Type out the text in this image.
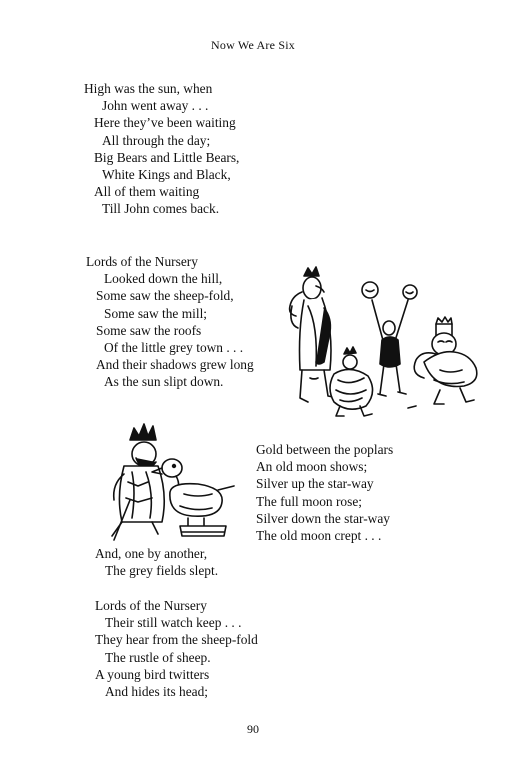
Now We Are Six
High was the sun, when
John went away . . .
Here they’ve been waiting
All through the day;
Big Bears and Little Bears,
White Kings and Black,
All of them waiting
Till John comes back.
Lords of the Nursery
Looked down the hill,
Some saw the sheep-fold,
Some saw the mill;
Some saw the roofs
Of the little grey town . . .
And their shadows grew long
As the sun slipt down.
Gold between the poplars
An old moon shows;
Silver up the star-way
The full moon rose;
Silver down the star-way
The old moon crept . . .
And, one by another,
The grey fields slept.
Lords of the Nursery
Their still watch keep . . .
They hear from the sheep-fold
The rustle of sheep.
A young bird twitters
And hides its head;
90
